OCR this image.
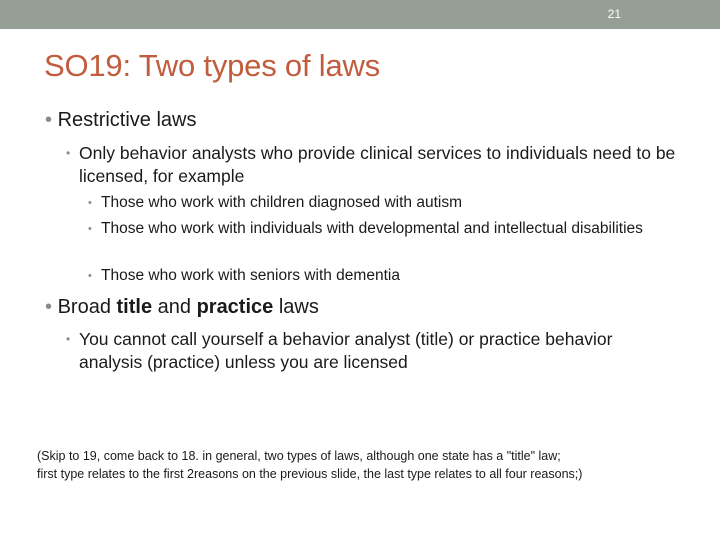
21
SO19: Two types of laws
• Restrictive laws
• Only behavior analysts who provide clinical services to individuals need to be licensed, for example
• Those who work with children diagnosed with autism
• Those who work with individuals with developmental and intellectual disabilities
• Those who work with seniors with dementia
• Broad title and practice laws
• You cannot call yourself a behavior analyst (title) or practice behavior analysis (practice) unless you are licensed
(Skip to 19, come back to 18. in general, two types of laws, although one state has a "title" law;
first type relates to the first 2reasons on the previous slide, the last type relates to all four reasons;)
